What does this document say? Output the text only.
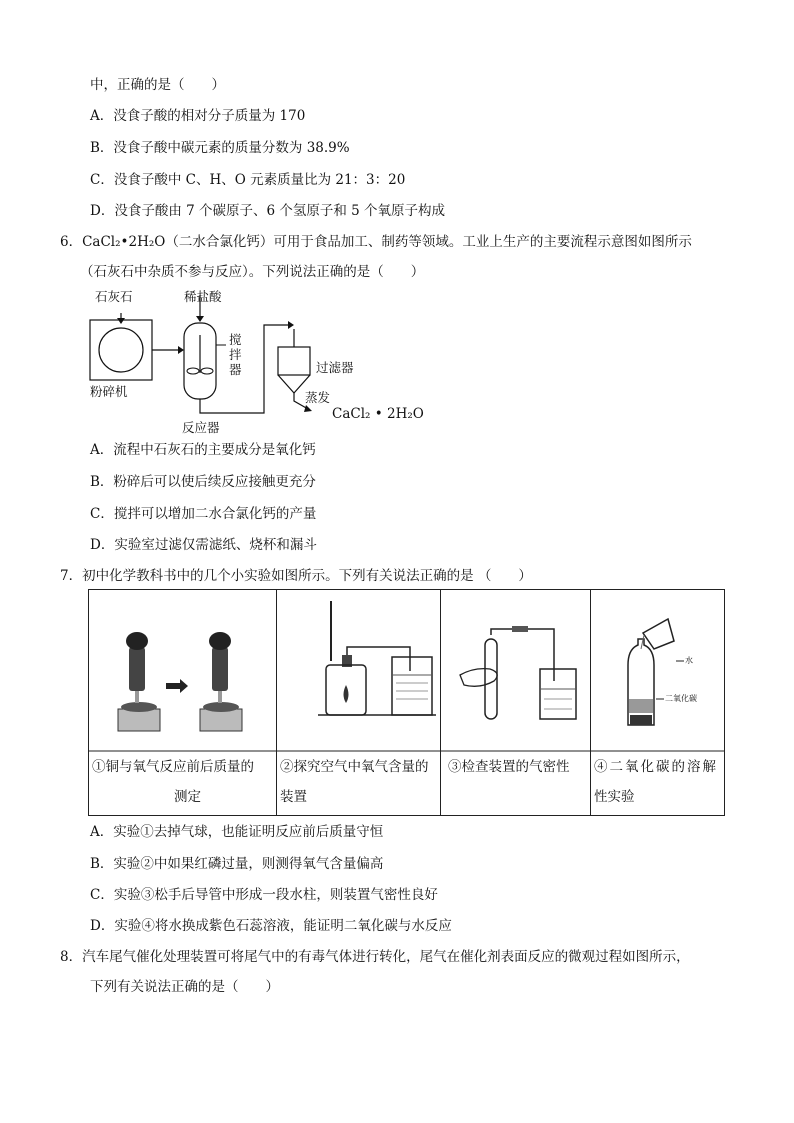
中，正确的是（　　）
A．没食子酸的相对分子质量为 170
B．没食子酸中碳元素的质量分数为 38.9%
C．没食子酸中 C、H、O 元素质量比为 21：3：20
D．没食子酸由 7 个碳原子、6 个氢原子和 5 个氧原子构成
6．CaCl₂•2H₂O（二水合氯化钙）可用于食品加工、制药等领域。工业上生产的主要流程示意图如图所示
（石灰石中杂质不参与反应）。下列说法正确的是（　　）
石灰石	稀盐酸
粉碎机
搅
拌
器
反应器
过滤器
蒸发
CaCl₂ • 2H₂O
A．流程中石灰石的主要成分是氧化钙
B．粉碎后可以使后续反应接触更充分
C．搅拌可以增加二水合氯化钙的产量
D．实验室过滤仅需滤纸、烧杯和漏斗
7．初中化学教科书中的几个小实验如图所示。下列有关说法正确的是 （　　）
水
二氧化碳
①铜与氧气反应前后质量的
测定
②探究空气中氧气含量的
装置
③检查装置的气密性	④二氧化碳的溶解
性实验
A．实验①去掉气球，也能证明反应前后质量守恒
B．实验②中如果红磷过量，则测得氧气含量偏高
C．实验③松手后导管中形成一段水柱，则装置气密性良好
D．实验④将水换成紫色石蕊溶液，能证明二氧化碳与水反应
8．汽车尾气催化处理装置可将尾气中的有毒气体进行转化，尾气在催化剂表面反应的微观过程如图所示，
下列有关说法正确的是（　　）
